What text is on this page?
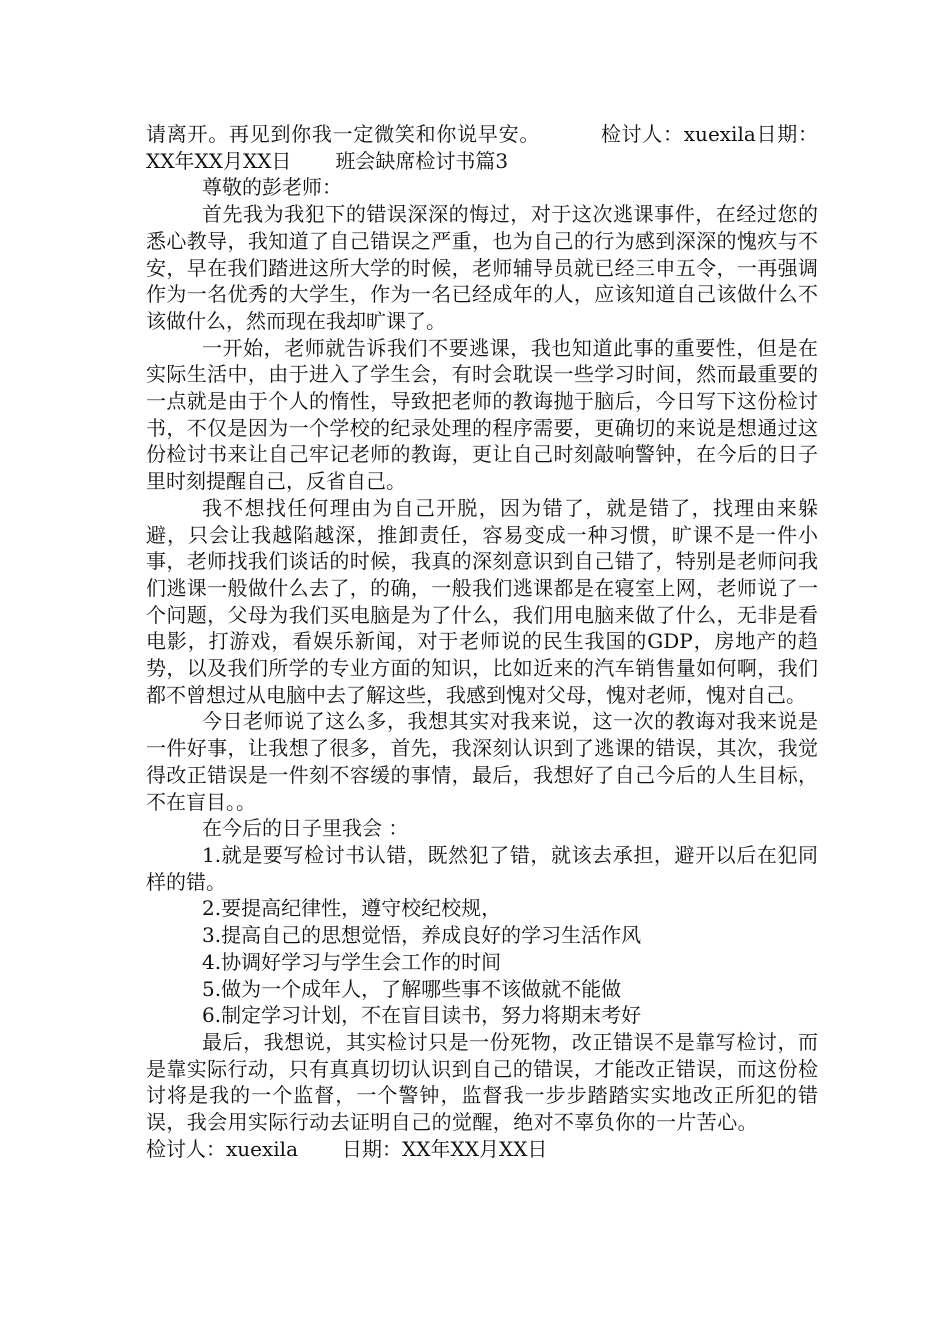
请离开。再见到你我一定微笑和你说早安。	检讨人：xuexila日期：XX年XX月XX日 班会缺席检讨书篇3

尊敬的彭老师：

首先我为我犯下的错误深深的悔过，对于这次逃课事件，在经过您的悉心教导，我知道了自己错误之严重，也为自己的行为感到深深的愧疚与不安，早在我们踏进这所大学的时候，老师辅导员就已经三申五令，一再强调作为一名优秀的大学生，作为一名已经成年的人，应该知道自己该做什么不该做什么，然而现在我却旷课了。

一开始，老师就告诉我们不要逃课，我也知道此事的重要性，但是在实际生活中，由于进入了学生会，有时会耽误一些学习时间，然而最重要的一点就是由于个人的惰性，导致把老师的教诲抛于脑后，今日写下这份检讨书，不仅是因为一个学校的纪录处理的程序需要，更确切的来说是想通过这份检讨书来让自己牢记老师的教诲，更让自己时刻敲响警钟，在今后的日子里时刻提醒自己，反省自己。

我不想找任何理由为自己开脱，因为错了，就是错了，找理由来躲避，只会让我越陷越深，推卸责任，容易变成一种习惯，旷课不是一件小事，老师找我们谈话的时候，我真的深刻意识到自己错了，特别是老师问我们逃课一般做什么去了，的确，一般我们逃课都是在寝室上网，老师说了一个问题，父母为我们买电脑是为了什么，我们用电脑来做了什么，无非是看电影，打游戏，看娱乐新闻，对于老师说的民生我国的GDP，房地产的趋势，以及我们所学的专业方面的知识，比如近来的汽车销售量如何啊，我们都不曾想过从电脑中去了解这些，我感到愧对父母，愧对老师，愧对自己。

今日老师说了这么多，我想其实对我来说，这一次的教诲对我来说是一件好事，让我想了很多，首先，我深刻认识到了逃课的错误，其次，我觉得改正错误是一件刻不容缓的事情，最后，我想好了自己今后的人生目标，不在盲目。。

在今后的日子里我会 ：

1.就是要写检讨书认错，既然犯了错，就该去承担，避开以后在犯同样的错。

2.要提高纪律性，遵守校纪校规，

3.提高自己的思想觉悟，养成良好的学习生活作风

4.协调好学习与学生会工作的时间

5.做为一个成年人，了解哪些事不该做就不能做

6.制定学习计划，不在盲目读书，努力将期末考好

最后，我想说，其实检讨只是一份死物，改正错误不是靠写检讨，而是靠实际行动，只有真真切切认识到自己的错误，才能改正错误，而这份检讨将是我的一个监督，一个警钟，监督我一步步踏踏实实地改正所犯的错误，我会用实际行动去证明自己的觉醒，绝对不辜负你的一片苦心。检讨人：xuexila 日期：XX年XX月XX日
